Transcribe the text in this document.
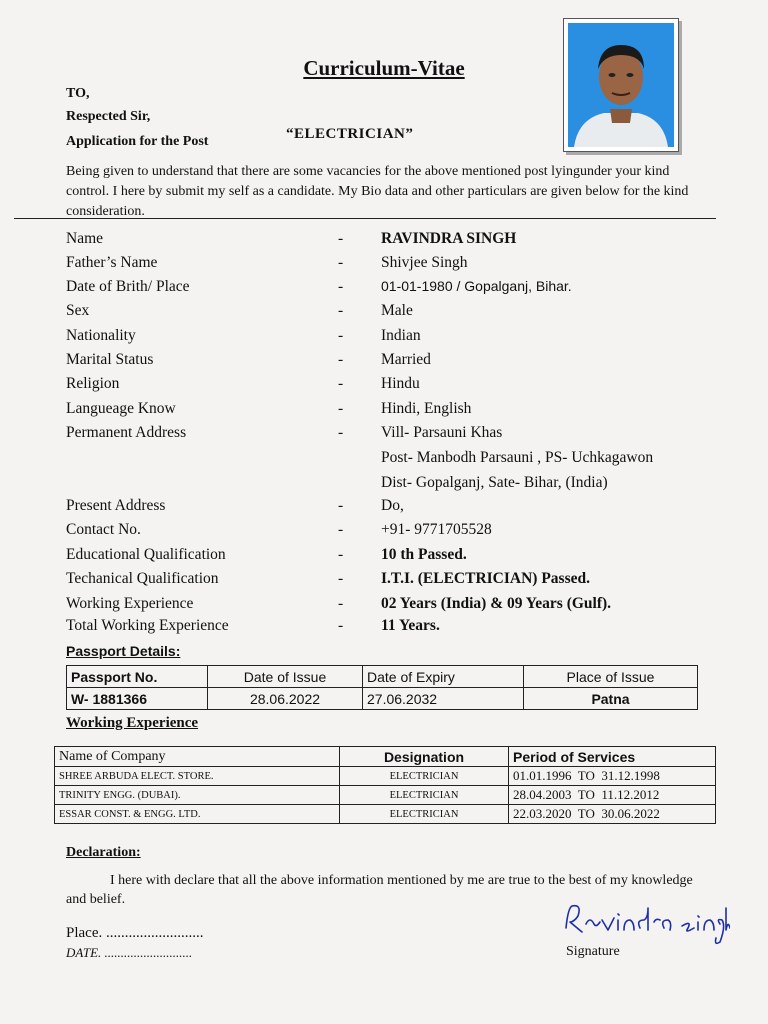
Curriculum-Vitae
TO,
Respected Sir,
Application for the Post	“ELECTRICIAN”
Being given to understand that there are some vacancies for the above mentioned post lyingunder your kind control. I here by submit my self as a candidate. My Bio data and other particulars are given below for the kind consideration.
Name	- RAVINDRA SINGH
Father’s Name	- Shivjee Singh
Date of Brith/ Place	-	01-01-1980 / Gopalganj, Bihar.
Sex	- Male
Nationality	- Indian
Marital Status	- Married
Religion	- Hindu
Langueage Know	- Hindi, English
Permanent Address	- Vill- Parsauni Khas
Post- Manbodh Parsauni , PS- Uchkagawon
Dist- Gopalganj, Sate- Bihar, (India)
Present Address	- Do,
Contact No.	- +91- 9771705528
Educational Qualification	- 10 th Passed.
Techanical Qualification	- I.T.I. (ELECTRICIAN) Passed.
Working Experience	- 02 Years (India) & 09 Years (Gulf).
Total Working Experience	- 11 Years.
Passport Details:
Passport No.	Date of Issue	Date of Expiry	Place of Issue
W- 1881366	28.06.2022	27.06.2032	Patna
Working Experience
Name of Company	Designation	Period of Services
SHREE ARBUDA ELECT. STORE.	ELECTRICIAN	01.01.1996  TO  31.12.1998
TRINITY ENGG. (DUBAI).	ELECTRICIAN	28.04.2003  TO  11.12.2012
ESSAR CONST. & ENGG. LTD.	ELECTRICIAN	22.03.2020  TO  30.06.2022
Declaration:
I here with declare that all the above information mentioned by me are true to the best of my knowledge and belief.
Place. ..........................
DATE. ...........................	Signature
